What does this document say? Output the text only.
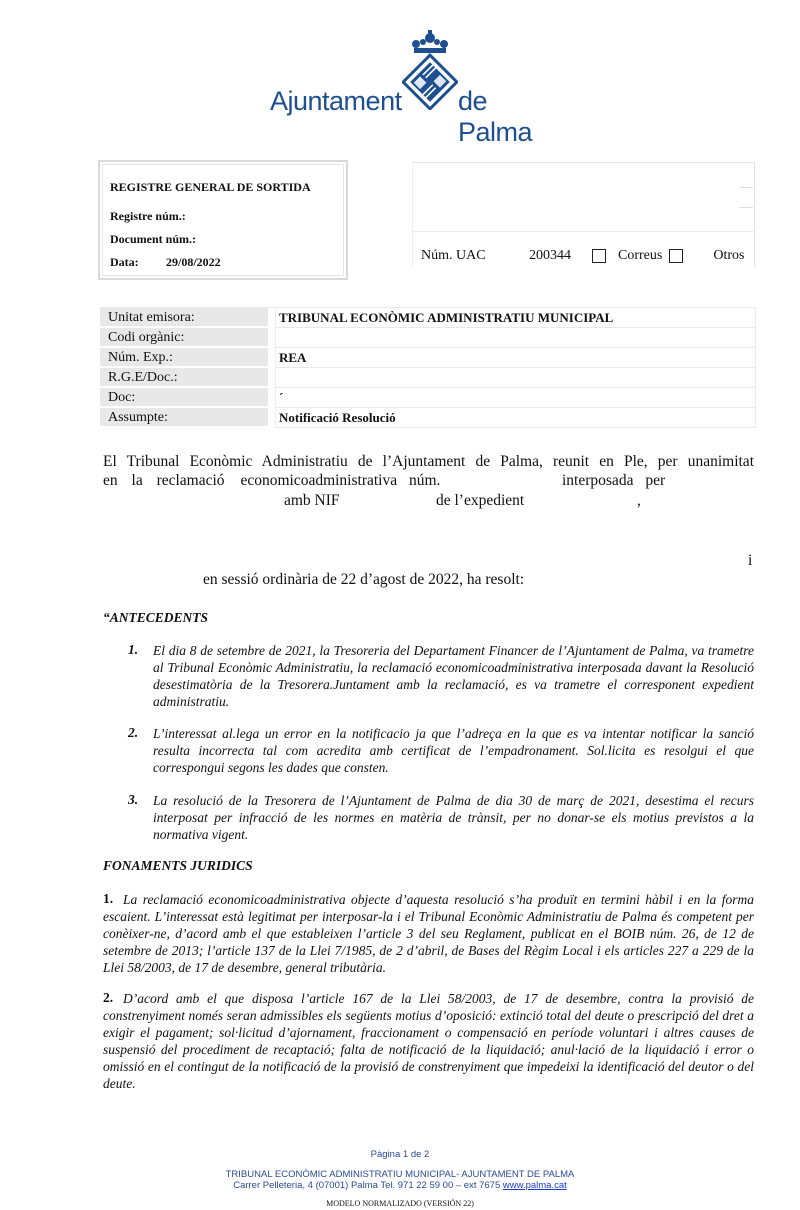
Ajuntament de Palma
REGISTRE GENERAL DE SORTIDA
Registre núm.:
Document núm.:
Data: 29/08/2022	Núm. UAC	200344	Correus	Otros
Unitat emisora:	TRIBUNAL ECONÒMIC ADMINISTRATIU MUNICIPAL
Codi orgànic:
Núm. Exp.:	REA
R.G.E/Doc.:
Doc:	´
Assumpte:	Notificació Resolució
El Tribunal Econòmic Administratiu de l’Ajuntament de Palma, reunit en Ple, per unanimitat
en la reclamació economicoadministrativa núm.	interposada per
amb NIF	de l’expedient	,
i
en sessió ordinària de 22 d’agost de 2022, ha resolt:
“ANTECEDENTS
1. El dia 8 de setembre de 2021, la Tresoreria del Departament Financer de l’Ajuntament de Palma, va trametre al Tribunal Econòmic Administratiu, la reclamació economicoadministrativa interposada davant la Resolució desestimatòria de la Tresorera.Juntament amb la reclamació, es va trametre el corresponent expedient administratiu.
2. L’interessat al.lega un error en la notificacio ja que l’adreça en la que es va intentar notificar la sanció resulta incorrecta tal com acredita amb certificat de l’empadronament. Sol.licita es resolgui el que correspongui segons les dades que consten.
3. La resolució de la Tresorera de l’Ajuntament de Palma de dia 30 de març de 2021, desestima el recurs interposat per infracció de les normes en matèria de trànsit, per no donar-se els motius previstos a la normativa vigent.
FONAMENTS JURIDICS
La reclamació economicoadministrativa objecte d’aquesta resolució s’ha produït en termini hàbil i en la forma escaient. L’interessat està legitimat per interposar-la i el Tribunal Econòmic Administratiu de Palma és competent per conèixer-ne, d’acord amb el que estableixen l’article 3 del seu Reglament, publicat en el BOIB núm. 26, de 12 de setembre de 2013; l’article 137 de la Llei 7/1985, de 2 d’abril, de Bases del Règim Local i els articles 227 a 229 de la Llei 58/2003, de 17 de desembre, general tributària.
1.
D’acord amb el que disposa l’article 167 de la Llei 58/2003, de 17 de desembre, contra la provisió de constrenyiment només seran admissibles els següents motius d’oposició: extinció total del deute o prescripció del dret a exigir el pagament; sol·licitud d’ajornament, fraccionament o compensació en període voluntari i altres causes de suspensió del procediment de recaptació; falta de notificació de la liquidació; anul·lació de la liquidació i error o omissió en el contingut de la notificació de la provisió de constrenyiment que impedeixi la identificació del deutor o del deute.
2.
Pàgina 1 de 2
TRIBUNAL ECONÒMIC ADMINISTRATIU MUNICIPAL- AJUNTAMENT DE PALMA
Carrer Pelleteria, 4 (07001) Palma Tel. 971 22 59 00 – ext 7675 www.palma.cat
MODELO NORMALIZADO (VERSIÓN 22)
